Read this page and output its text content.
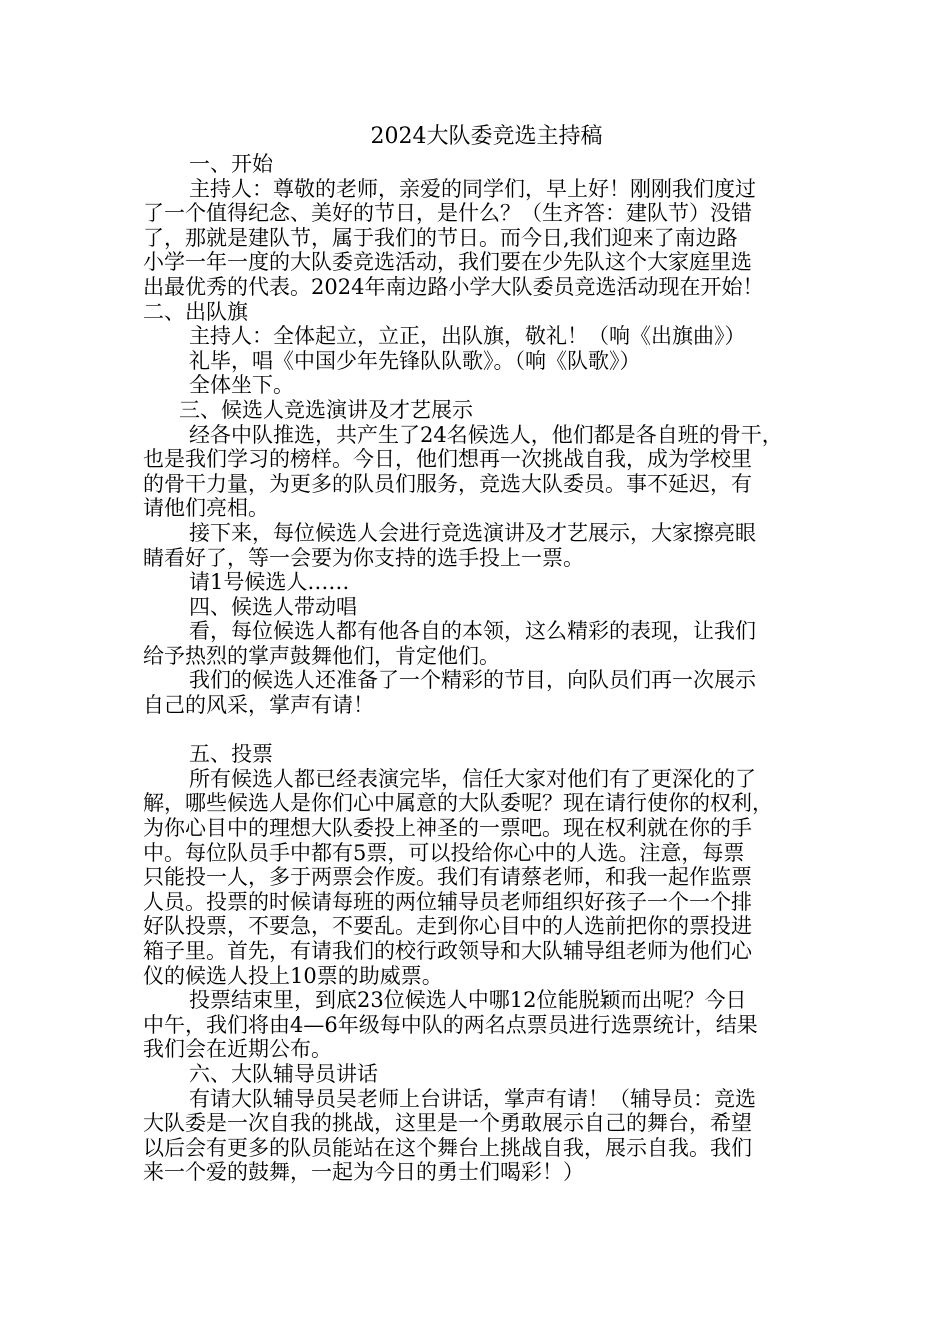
2024大队委竞选主持稿

一、开始

主持人：尊敬的老师，亲爱的同学们，早上好！刚刚我们度过

了一个值得纪念、美好的节日，是什么？（生齐答：建队节）没错

了，那就是建队节，属于我们的节日。而今日,我们迎来了南边路

小学一年一度的大队委竞选活动，我们要在少先队这个大家庭里选

出最优秀的代表。2024年南边路小学大队委员竞选活动现在开始！

二、出队旗

主持人：全体起立，立正，出队旗，敬礼！（响《出旗曲》）

礼毕，唱《中国少年先锋队队歌》。（响《队歌》）

全体坐下。

三、候选人竞选演讲及才艺展示

经各中队推选，共产生了24名候选人，他们都是各自班的骨干，

也是我们学习的榜样。今日，他们想再一次挑战自我，成为学校里

的骨干力量，为更多的队员们服务，竞选大队委员。事不延迟，有

请他们亮相。

接下来，每位候选人会进行竞选演讲及才艺展示，大家擦亮眼

睛看好了，等一会要为你支持的选手投上一票。

请1号候选人……

四、候选人带动唱

看，每位候选人都有他各自的本领，这么精彩的表现，让我们

给予热烈的掌声鼓舞他们，肯定他们。

我们的候选人还准备了一个精彩的节目，向队员们再一次展示

自己的风采，掌声有请！

五、投票

所有候选人都已经表演完毕，信任大家对他们有了更深化的了

解，哪些候选人是你们心中属意的大队委呢？现在请行使你的权利，

为你心目中的理想大队委投上神圣的一票吧。现在权利就在你的手

中。每位队员手中都有5票，可以投给你心中的人选。注意，每票

只能投一人，多于两票会作废。我们有请蔡老师，和我一起作监票

人员。投票的时候请每班的两位辅导员老师组织好孩子一个一个排

好队投票，不要急，不要乱。走到你心目中的人选前把你的票投进

箱子里。首先，有请我们的校行政领导和大队辅导组老师为他们心

仪的候选人投上10票的助威票。

投票结束里，到底23位候选人中哪12位能脱颖而出呢？今日

中午，我们将由4—6年级每中队的两名点票员进行选票统计，结果

我们会在近期公布。

六、大队辅导员讲话

有请大队辅导员吴老师上台讲话，掌声有请！（辅导员：竞选

大队委是一次自我的挑战，这里是一个勇敢展示自己的舞台，希望

以后会有更多的队员能站在这个舞台上挑战自我，展示自我。我们

来一个爱的鼓舞，一起为今日的勇士们喝彩！）
